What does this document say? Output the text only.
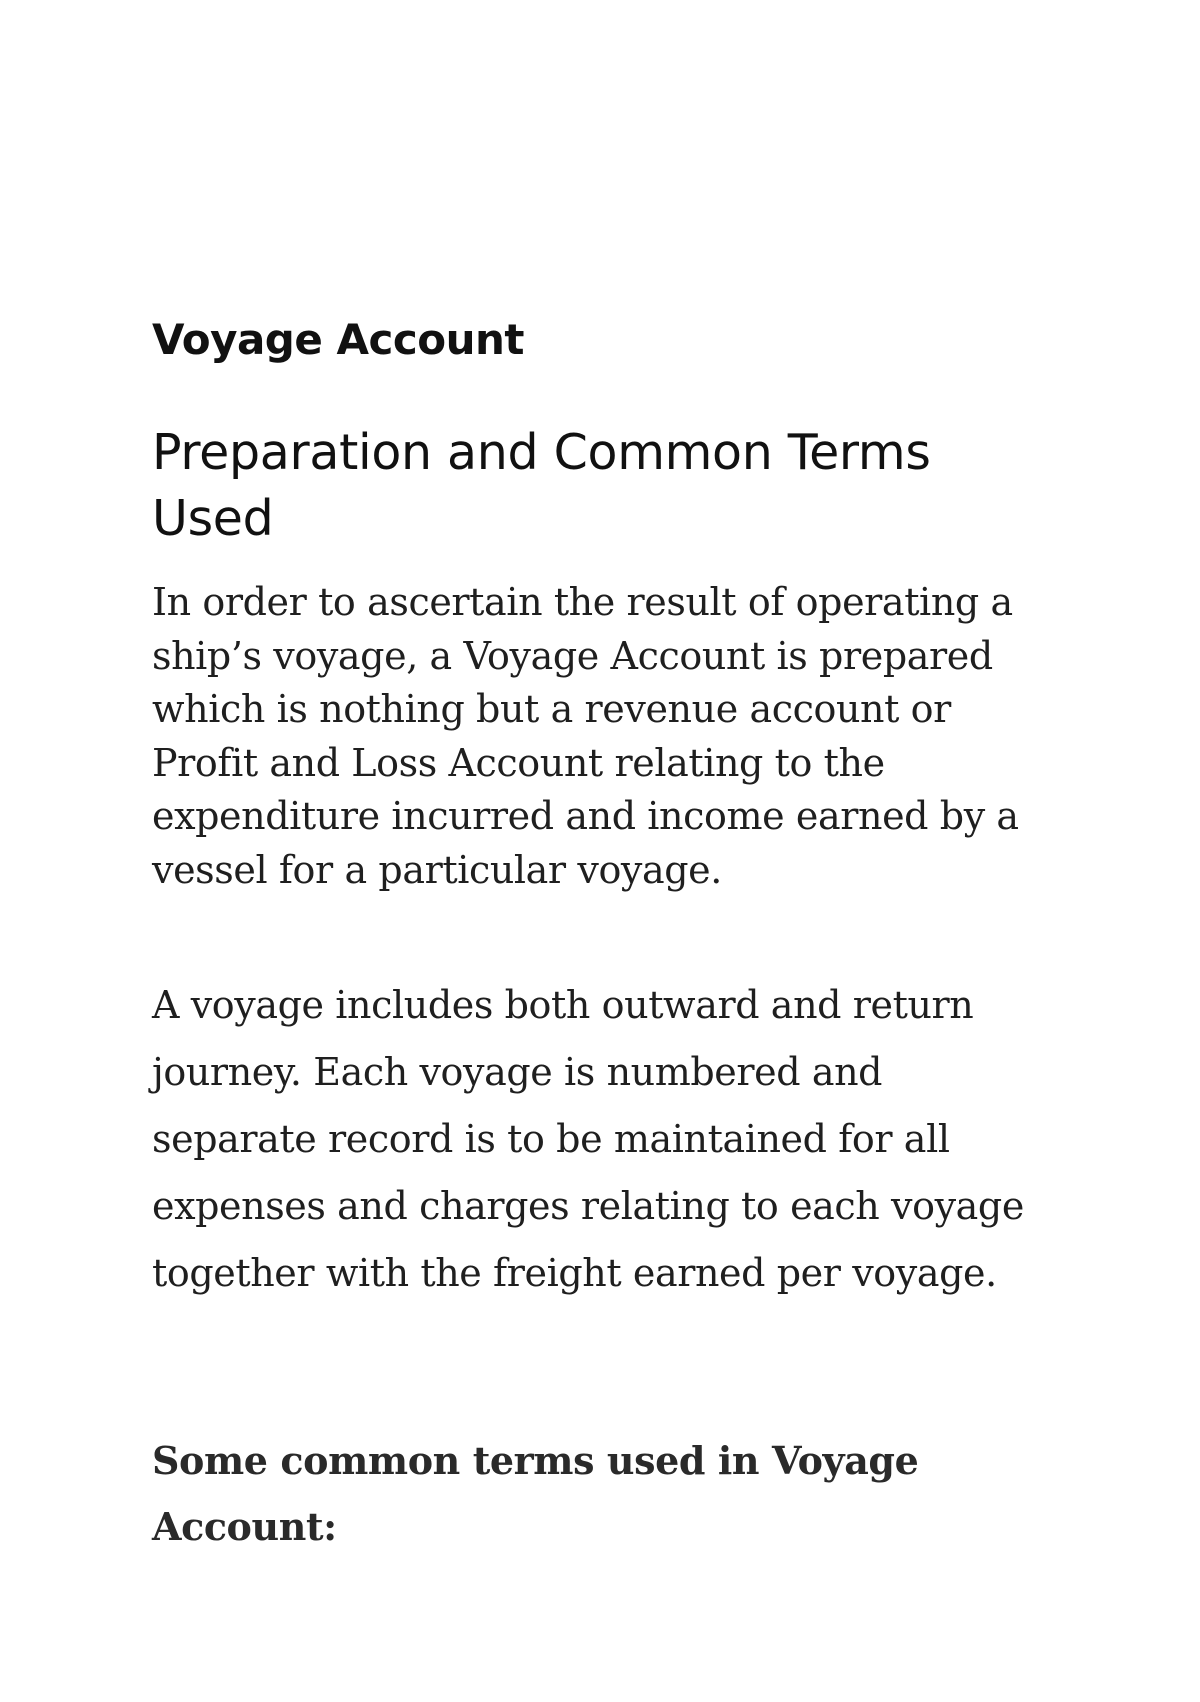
Voyage Account
Preparation and Common Terms Used

In order to ascertain the result of operating a ship’s voyage, a Voyage Account is prepared which is nothing but a revenue account or Profit and Loss Account relating to the expenditure incurred and income earned by a vessel for a particular voyage.

A voyage includes both outward and return journey. Each voyage is numbered and separate record is to be maintained for all expenses and charges relating to each voyage together with the freight earned per voyage.

Some common terms used in Voyage Account:
